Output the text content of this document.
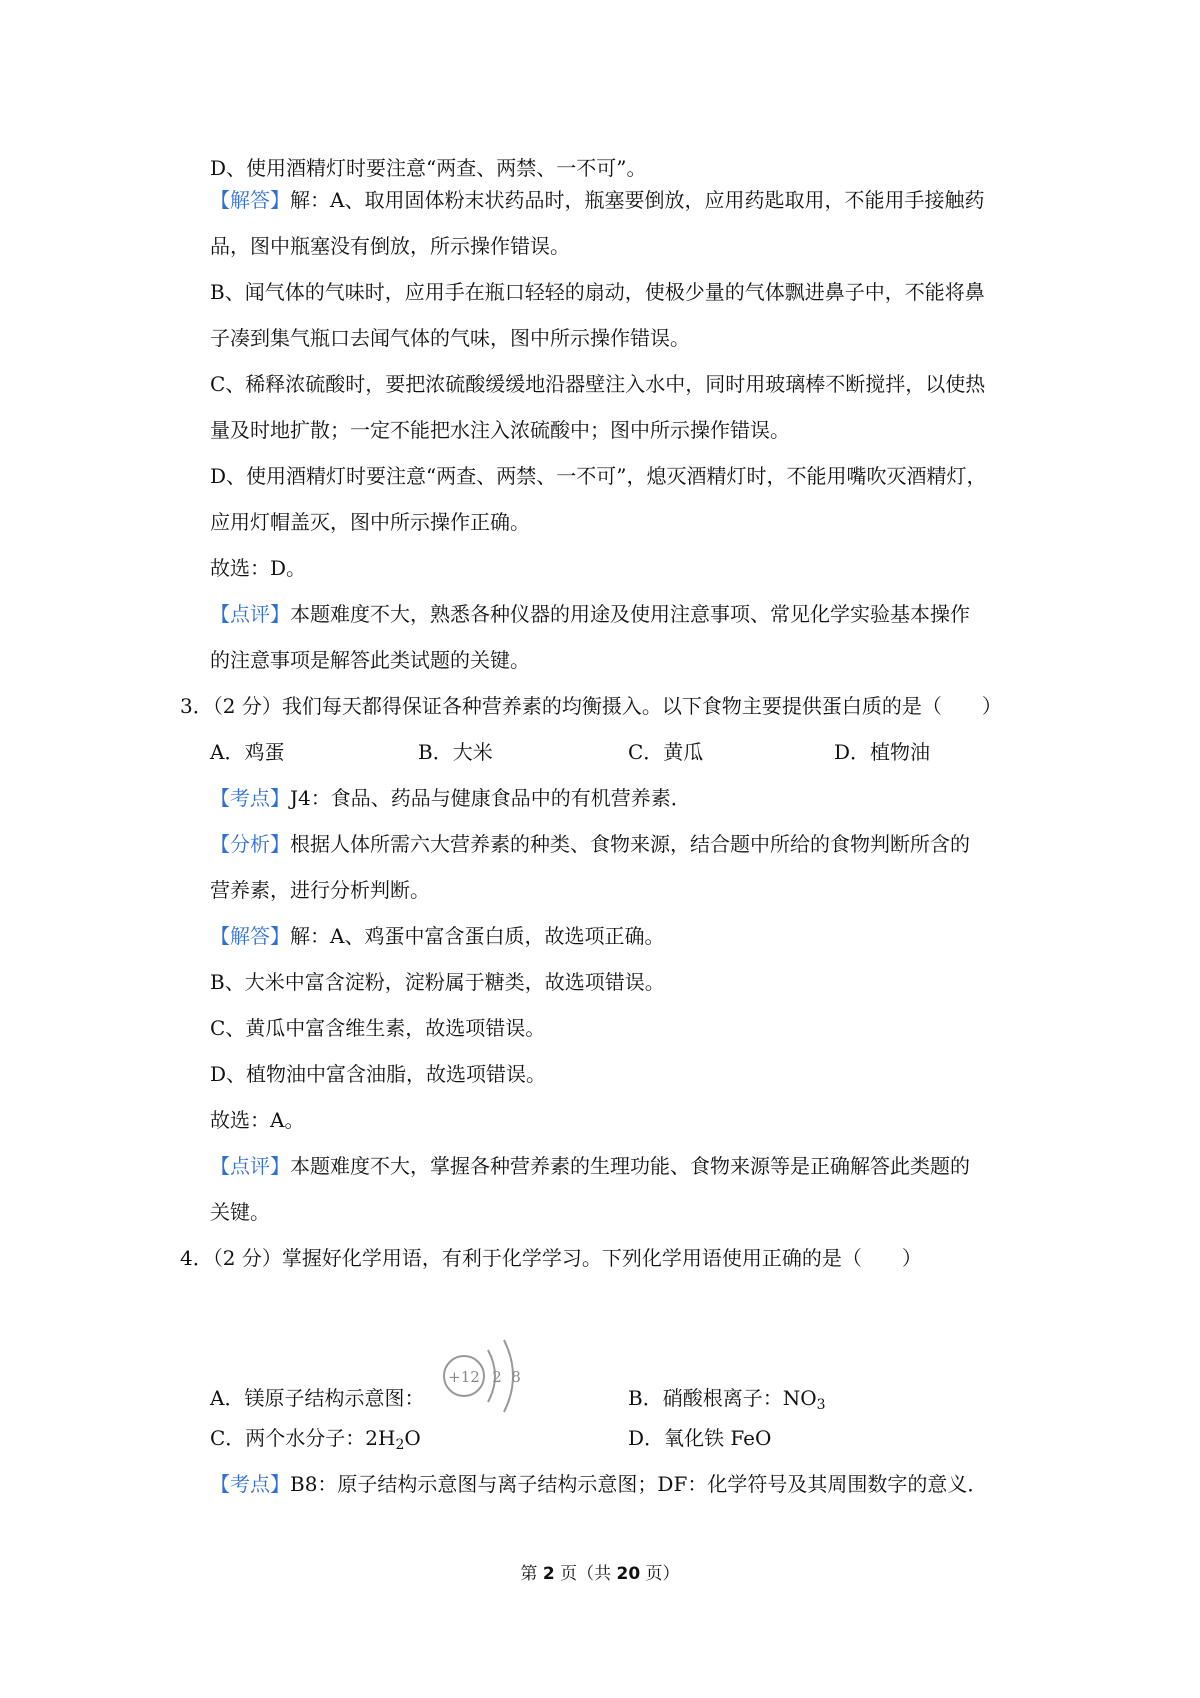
D、使用酒精灯时要注意“两查、两禁、一不可”。
【解答】解：A、取用固体粉末状药品时，瓶塞要倒放，应用药匙取用，不能用手接触药
品，图中瓶塞没有倒放，所示操作错误。
B、闻气体的气味时，应用手在瓶口轻轻的扇动，使极少量的气体飘进鼻子中，不能将鼻
子凑到集气瓶口去闻气体的气味，图中所示操作错误。
C、稀释浓硫酸时，要把浓硫酸缓缓地沿器壁注入水中，同时用玻璃棒不断搅拌，以使热
量及时地扩散；一定不能把水注入浓硫酸中；图中所示操作错误。
D、使用酒精灯时要注意“两查、两禁、一不可”，熄灭酒精灯时，不能用嘴吹灭酒精灯，
应用灯帽盖灭，图中所示操作正确。
故选：D。
【点评】本题难度不大，熟悉各种仪器的用途及使用注意事项、常见化学实验基本操作
的注意事项是解答此类试题的关键。
3．（2 分）我们每天都得保证各种营养素的均衡摄入。以下食物主要提供蛋白质的是（　　）
A．鸡蛋	B．大米	C．黄瓜	D．植物油
【考点】J4：食品、药品与健康食品中的有机营养素．
【分析】根据人体所需六大营养素的种类、食物来源，结合题中所给的食物判断所含的
营养素，进行分析判断。
【解答】解：A、鸡蛋中富含蛋白质，故选项正确。
B、大米中富含淀粉，淀粉属于糖类，故选项错误。
C、黄瓜中富含维生素，故选项错误。
D、植物油中富含油脂，故选项错误。
故选：A。
【点评】本题难度不大，掌握各种营养素的生理功能、食物来源等是正确解答此类题的
关键。
4．（2 分）掌握好化学用语，有利于化学学习。下列化学用语使用正确的是（　　）
+12 2 8
A．镁原子结构示意图：	B．硝酸根离子：$NO_3$
C．两个水分子：$2H_2O$	D．氧化铁 FeO
【考点】B8：原子结构示意图与离子结构示意图；DF：化学符号及其周围数字的意义．
第 2 页（共 20 页）
